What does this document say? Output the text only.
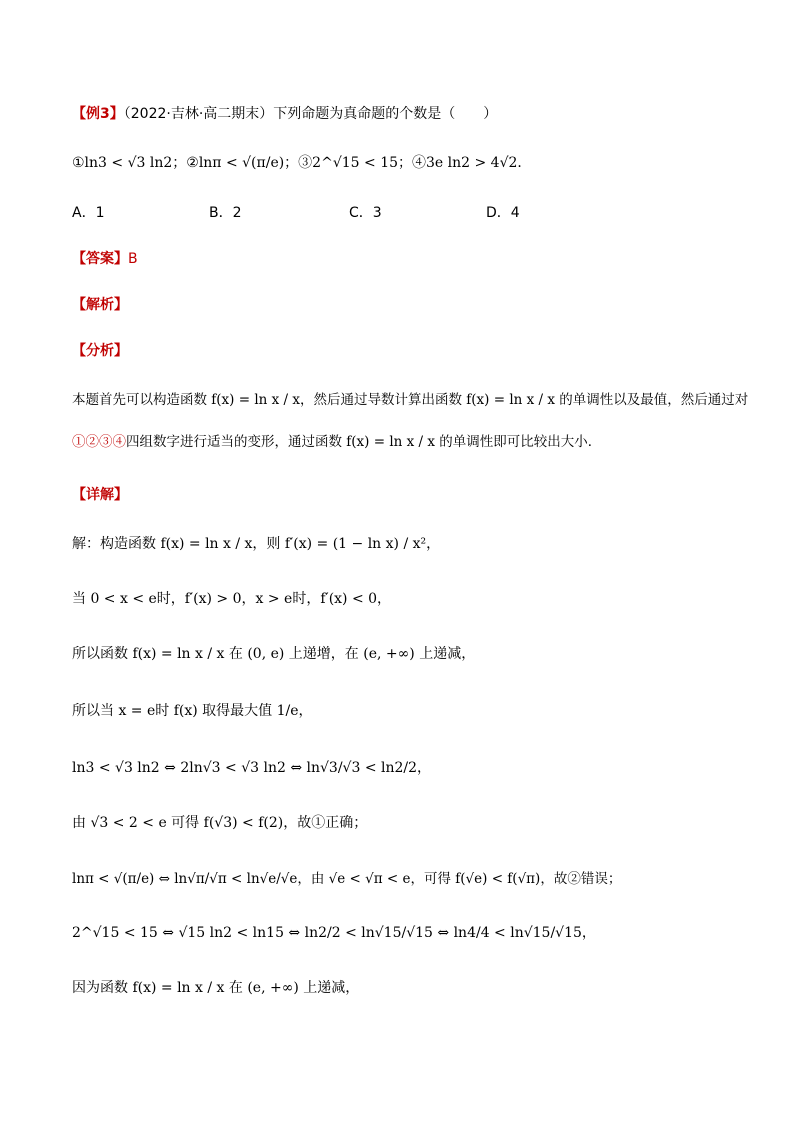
【例3】（2022·吉林·高二期末）下列命题为真命题的个数是（　　）
①ln3 < √3 ln2；②lnπ < √(π/e)；③2^√15 < 15；④3e ln2 > 4√2．
A．1	B．2	C．3	D．4
【答案】B
【解析】
【分析】
本题首先可以构造函数 f(x) = ln x / x，然后通过导数计算出函数 f(x) = ln x / x 的单调性以及最值，然后通过对
①②③④四组数字进行适当的变形，通过函数 f(x) = ln x / x 的单调性即可比较出大小．
【详解】
解：构造函数 f(x) = ln x / x，则 f′(x) = (1 − ln x) / x²，
当 0 < x < e时，f′(x) > 0，x > e时，f′(x) < 0，
所以函数 f(x) = ln x / x 在 (0, e) 上递增，在 (e, +∞) 上递减，
所以当 x = e时 f(x) 取得最大值 1/e，
ln3 < √3 ln2 ⇔ 2ln√3 < √3 ln2 ⇔ ln√3/√3 < ln2/2，
由 √3 < 2 < e 可得 f(√3) < f(2)，故①正确；
lnπ < √(π/e) ⇔ ln√π/√π < ln√e/√e，由 √e < √π < e，可得 f(√e) < f(√π)，故②错误；
2^√15 < 15 ⇔ √15 ln2 < ln15 ⇔ ln2/2 < ln√15/√15 ⇔ ln4/4 < ln√15/√15，
因为函数 f(x) = ln x / x 在 (e, +∞) 上递减，
